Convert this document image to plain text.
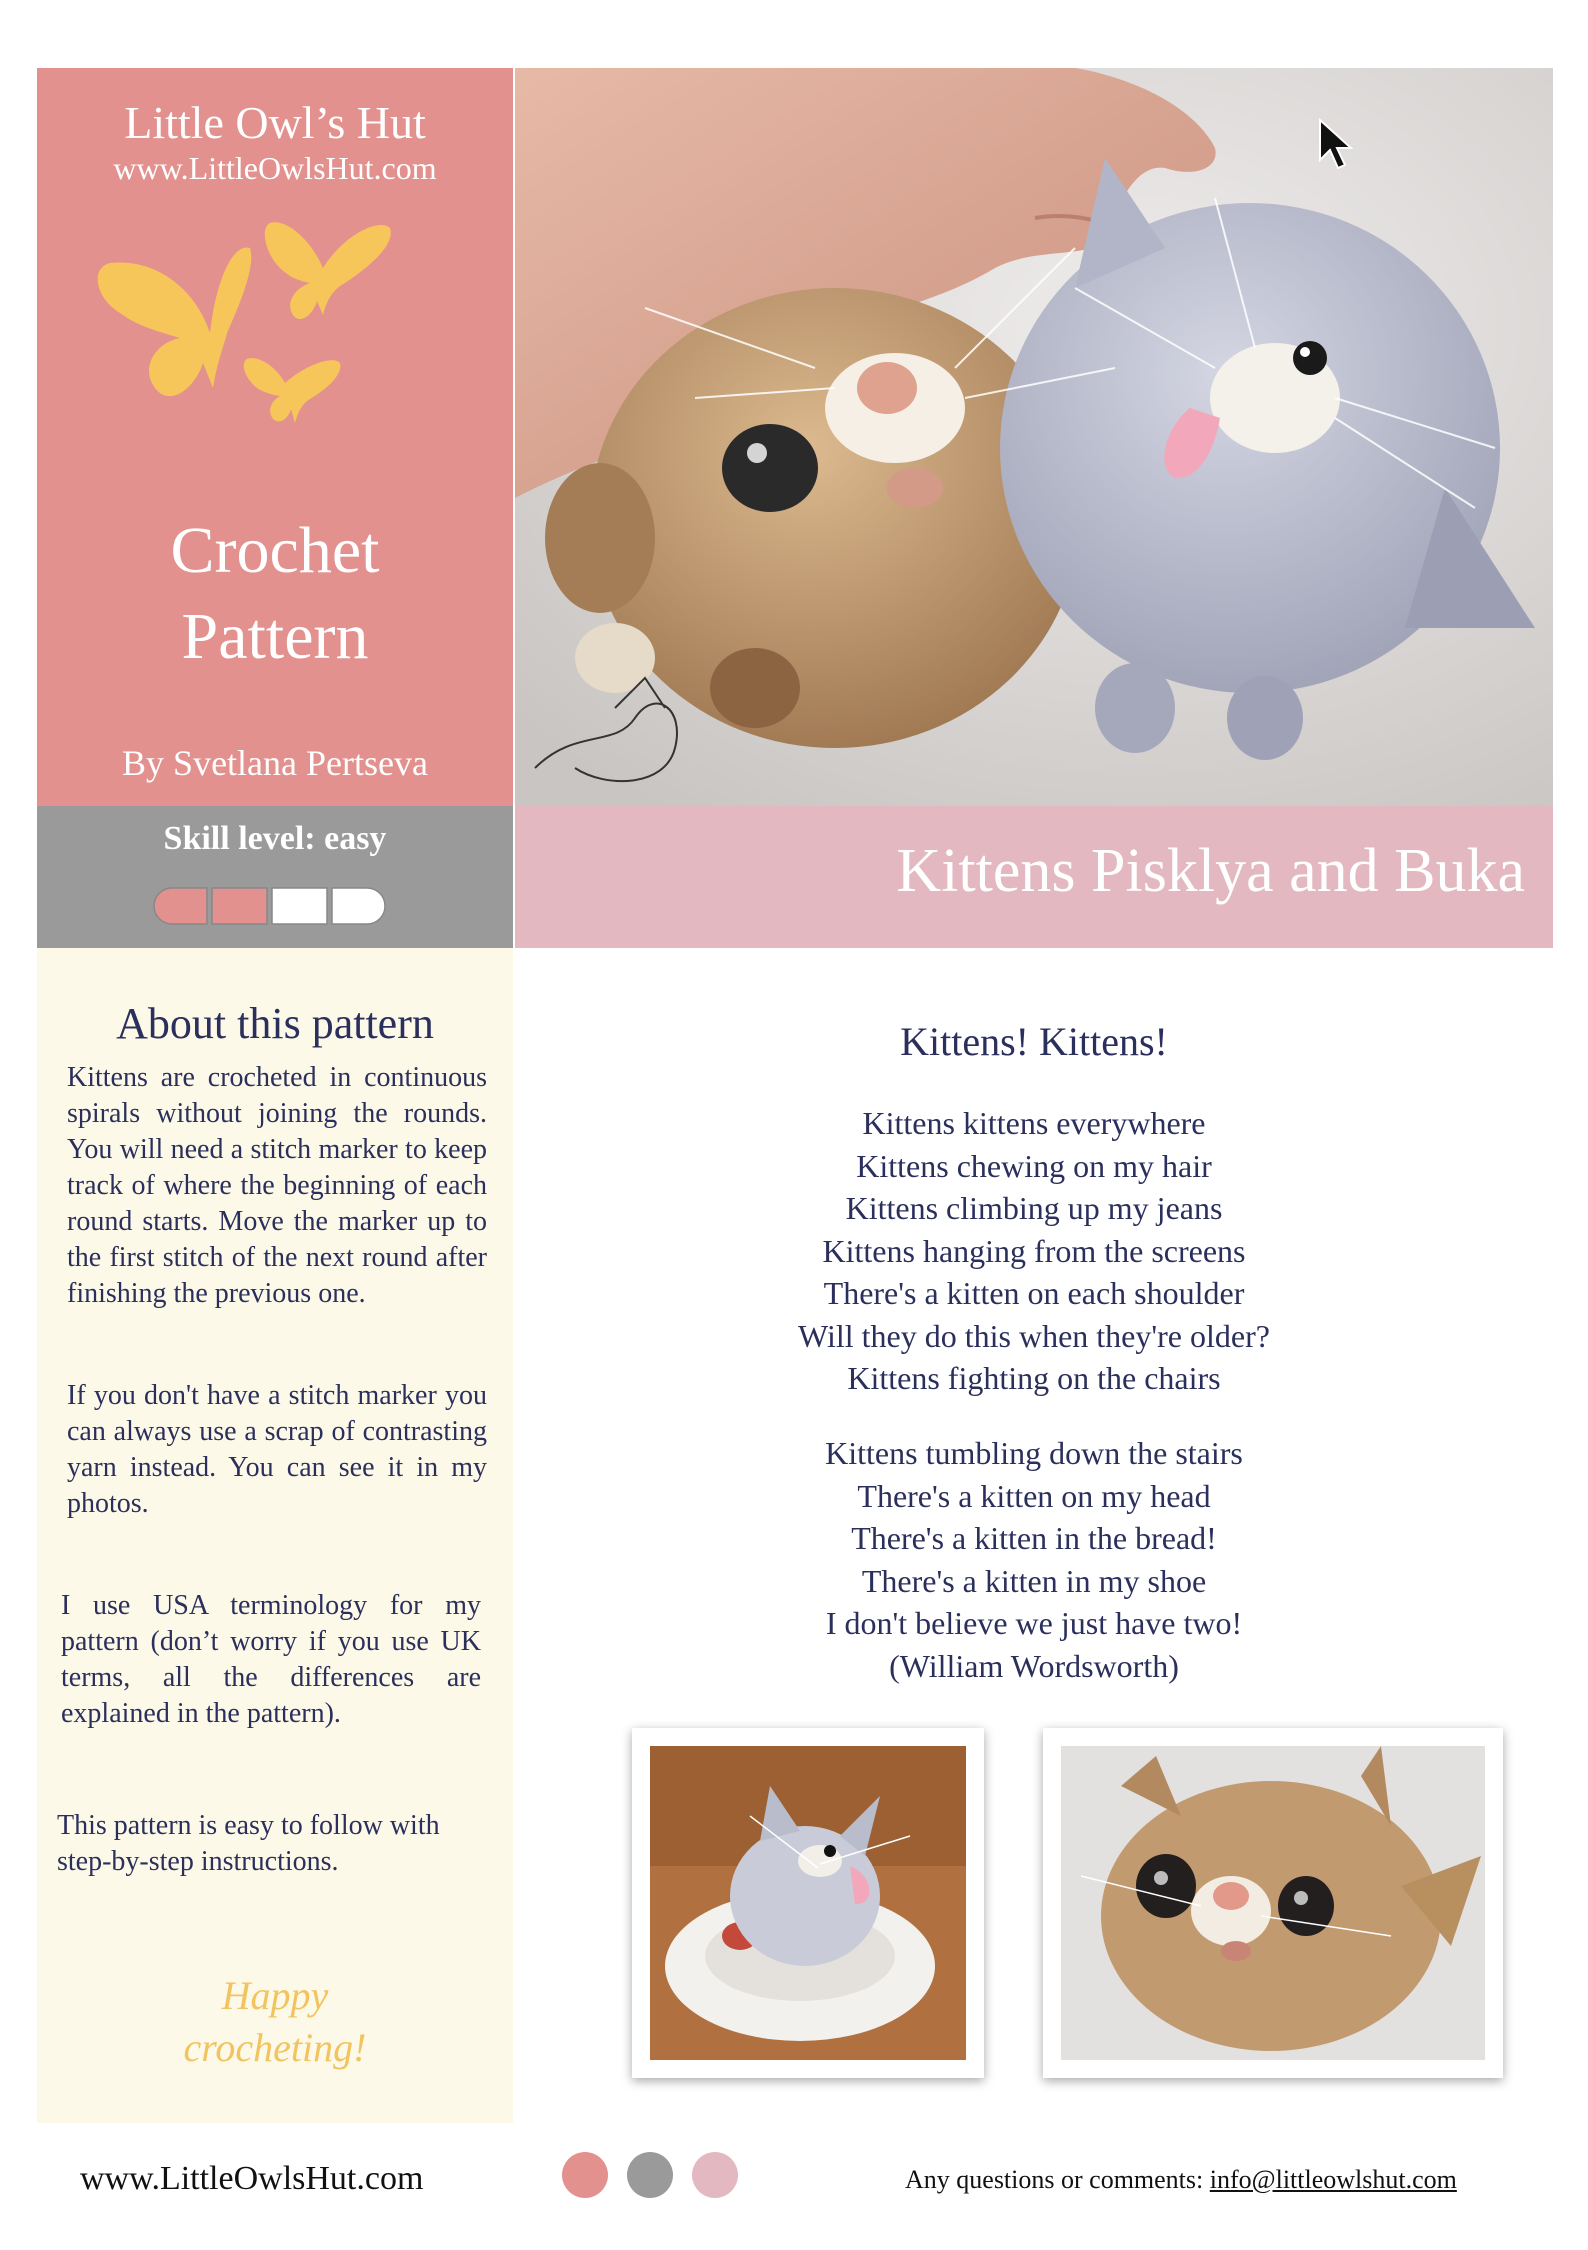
Little Owl’s Hut
www.LittleOwlsHut.com
Crochet
Pattern
By Svetlana Pertseva
Skill level: easy	Kittens Pisklya and Buka
About this pattern
Kittens are crocheted in continuous spirals without joining the rounds. You will need a stitch marker to keep track of where the beginning of each round starts. Move the marker up to the first stitch of the next round after finishing the previous one.
If you don't have a stitch marker you can always use a scrap of contrasting yarn instead. You can see it in my photos.
I use USA terminology for my pattern (don’t worry if you use UK terms, all the differences are explained in the pattern).
This pattern is easy to follow with step-by-step instructions.
Happy
crocheting!
Kittens! Kittens!
Kittens kittens everywhere
Kittens chewing on my hair
Kittens climbing up my jeans
Kittens hanging from the screens
There's a kitten on each shoulder
Will they do this when they're older?
Kittens fighting on the chairs
Kittens tumbling down the stairs
There's a kitten on my head
There's a kitten in the bread!
There's a kitten in my shoe
I don't believe we just have two!
(William Wordsworth)
www.LittleOwlsHut.com	Any questions or comments: info@littleowlshut.com
